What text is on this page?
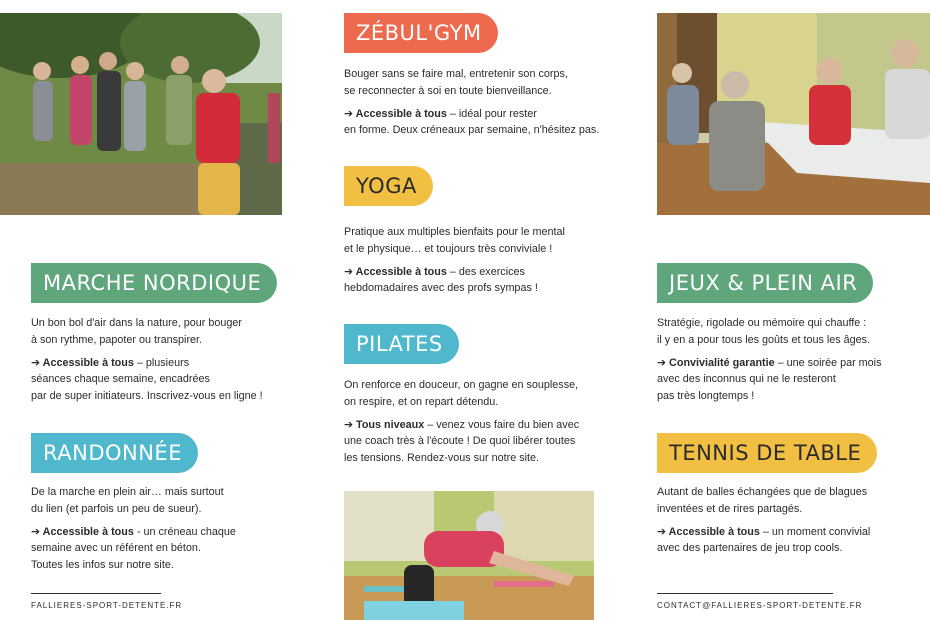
MARCHE NORDIQUE

Un bon bol d'air dans la nature, pour bouger
à son rythme, papoter ou transpirer.

➔ Accessible à tous – plusieurs
séances chaque semaine, encadrées
par de super initiateurs. Inscrivez-vous en ligne !

RANDONNÉE

De la marche en plein air… mais surtout
du lien (et parfois un peu de sueur).

➔ Accessible à tous - un créneau chaque
semaine avec un référent en béton.
Toutes les infos sur notre site.

FALLIERES-SPORT-DETENTE.FR
ZÉBUL'GYM

Bouger sans se faire mal, entretenir son corps,
se reconnecter à soi en toute bienveillance.

➔ Accessible à tous – idéal pour rester
en forme. Deux créneaux par semaine, n'hésitez pas.

YOGA

Pratique aux multiples bienfaits pour le mental
et le physique… et toujours très conviviale !

➔ Accessible à tous – des exercices
hebdomadaires avec des profs sympas !

PILATES

On renforce en douceur, on gagne en souplesse,
on respire, et on repart détendu.

➔ Tous niveaux – venez vous faire du bien avec
une coach très à l'écoute ! De quoi libérer toutes
les tensions. Rendez-vous sur notre site.

JEUX & PLEIN AIR

Stratégie, rigolade ou mémoire qui chauffe :
il y en a pour tous les goûts et tous les âges.

➔ Convivialité garantie – une soirée par mois
avec des inconnus qui ne le resteront
pas très longtemps !

TENNIS DE TABLE

Autant de balles échangées que de blagues
inventées et de rires partagés.

➔ Accessible à tous – un moment convivial
avec des partenaires de jeu trop cools.

CONTACT@FALLIERES-SPORT-DETENTE.FR
